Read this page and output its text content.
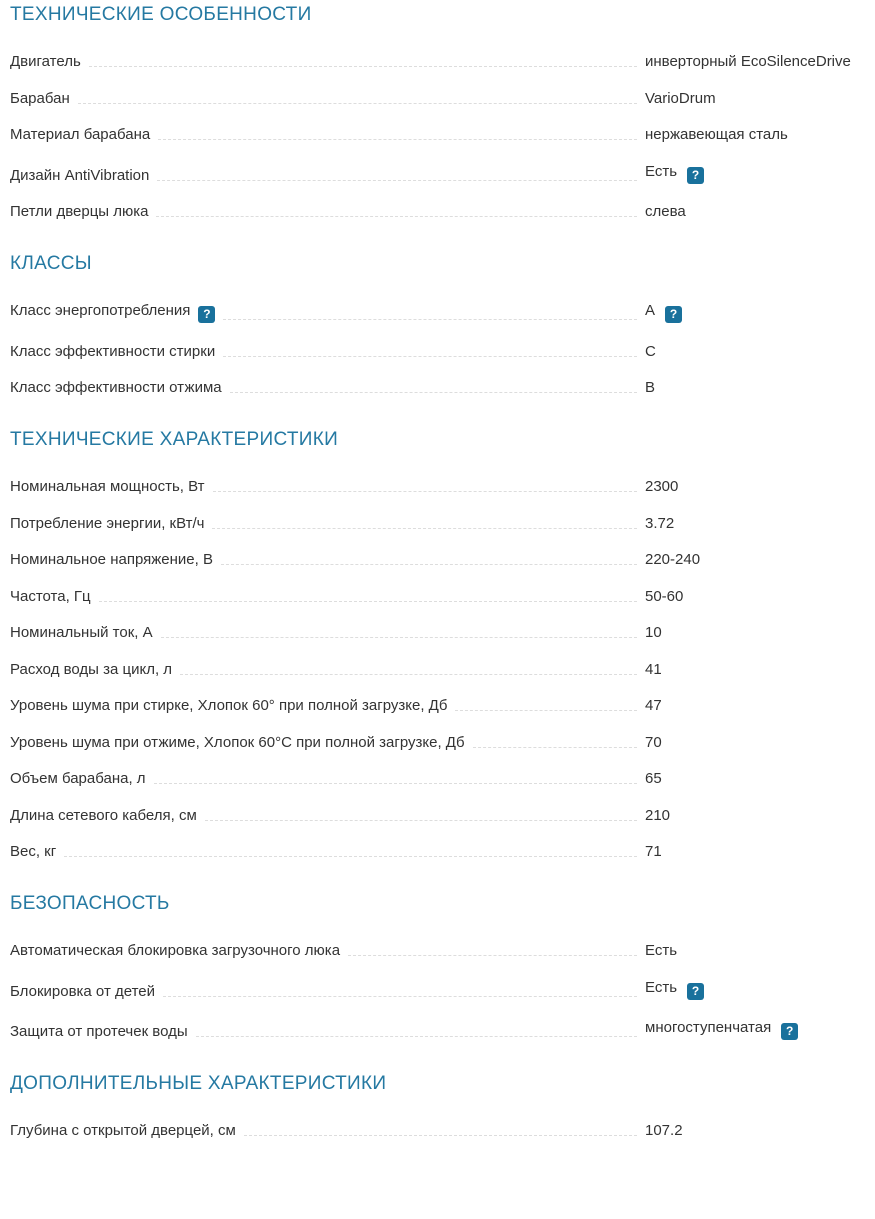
ТЕХНИЧЕСКИЕ ОСОБЕННОСТИ
Двигатель	инверторный EcoSilenceDrive
Барабан	VarioDrum
Материал барабана	нержавеющая сталь
Дизайн AntiVibration	Есть ?
Петли дверцы люка	слева
КЛАССЫ
Класс энергопотребления ?	A ?
Класс эффективности стирки	C
Класс эффективности отжима	B
ТЕХНИЧЕСКИЕ ХАРАКТЕРИСТИКИ
Номинальная мощность, Вт	2300
Потребление энергии, кВт/ч	3.72
Номинальное напряжение, В	220-240
Частота, Гц	50-60
Номинальный ток, А	10
Расход воды за цикл, л	41
Уровень шума при стирке, Хлопок 60° при полной загрузке, Дб	47
Уровень шума при отжиме, Хлопок 60°С при полной загрузке, Дб	70
Объем барабана, л	65
Длина сетевого кабеля, см	210
Вес, кг	71
БЕЗОПАСНОСТЬ
Автоматическая блокировка загрузочного люка	Есть
Блокировка от детей	Есть ?
Защита от протечек воды	многоступенчатая ?
ДОПОЛНИТЕЛЬНЫЕ ХАРАКТЕРИСТИКИ
Глубина с открытой дверцей, см	107.2
